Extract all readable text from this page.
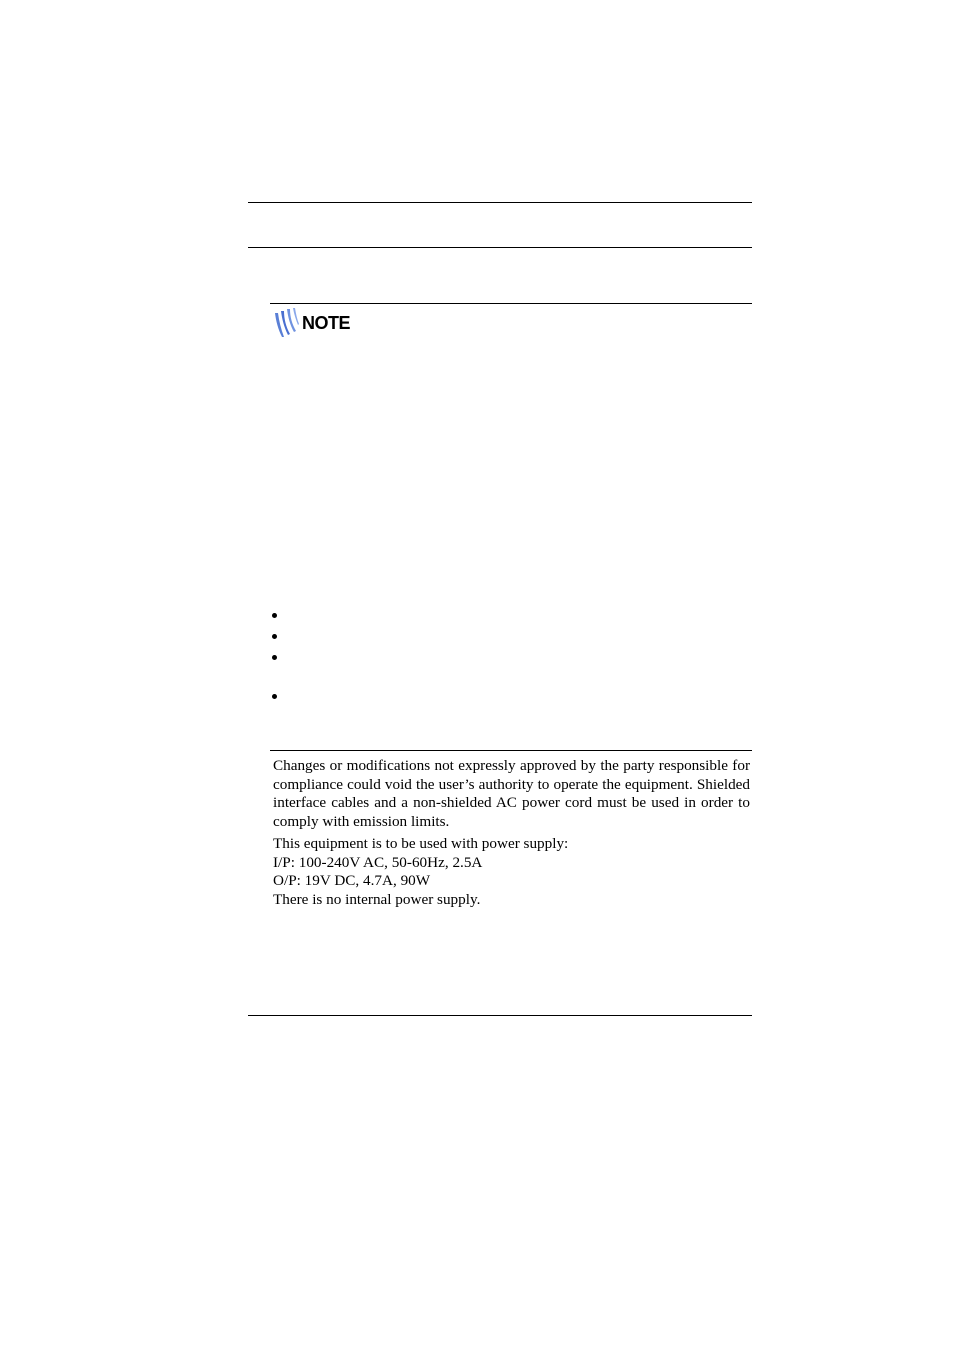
NOTE

Changes or modifications not expressly approved by the party responsible for compliance could void the user’s authority to operate the equipment. Shielded interface cables and a non-shielded AC power cord must be used in order to comply with emission limits.

This equipment is to be used with power supply:

I/P: 100-240V AC, 50-60Hz, 2.5A

O/P: 19V DC, 4.7A, 90W

There is no internal power supply.
